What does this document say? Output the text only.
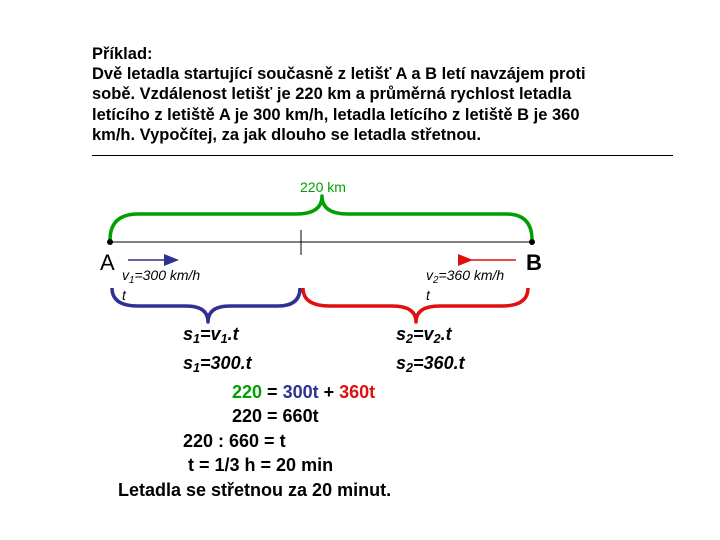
Příklad:
Dvě letadla startující současně z letišť A a B letí navzájem proti
sobě. Vzdálenost letišť je 220 km a průměrná rychlost letadla
letícího z letiště A je 300 km/h, letadla letícího z letiště B je 360
km/h. Vypočítej, za jak dlouho se letadla střetnou.
220 km
A	B
$v_1=300$ km/h
t
$v_2=360$ km/h
t
$s_1=v_1.t$
$s_1=300.t$
$s_2=v_2.t$
$s_2=360.t$
220 = 300t + 360t
220 = 660t
220 : 660 = t
t = 1/3 h = 20 min
Letadla se střetnou za 20 minut.
